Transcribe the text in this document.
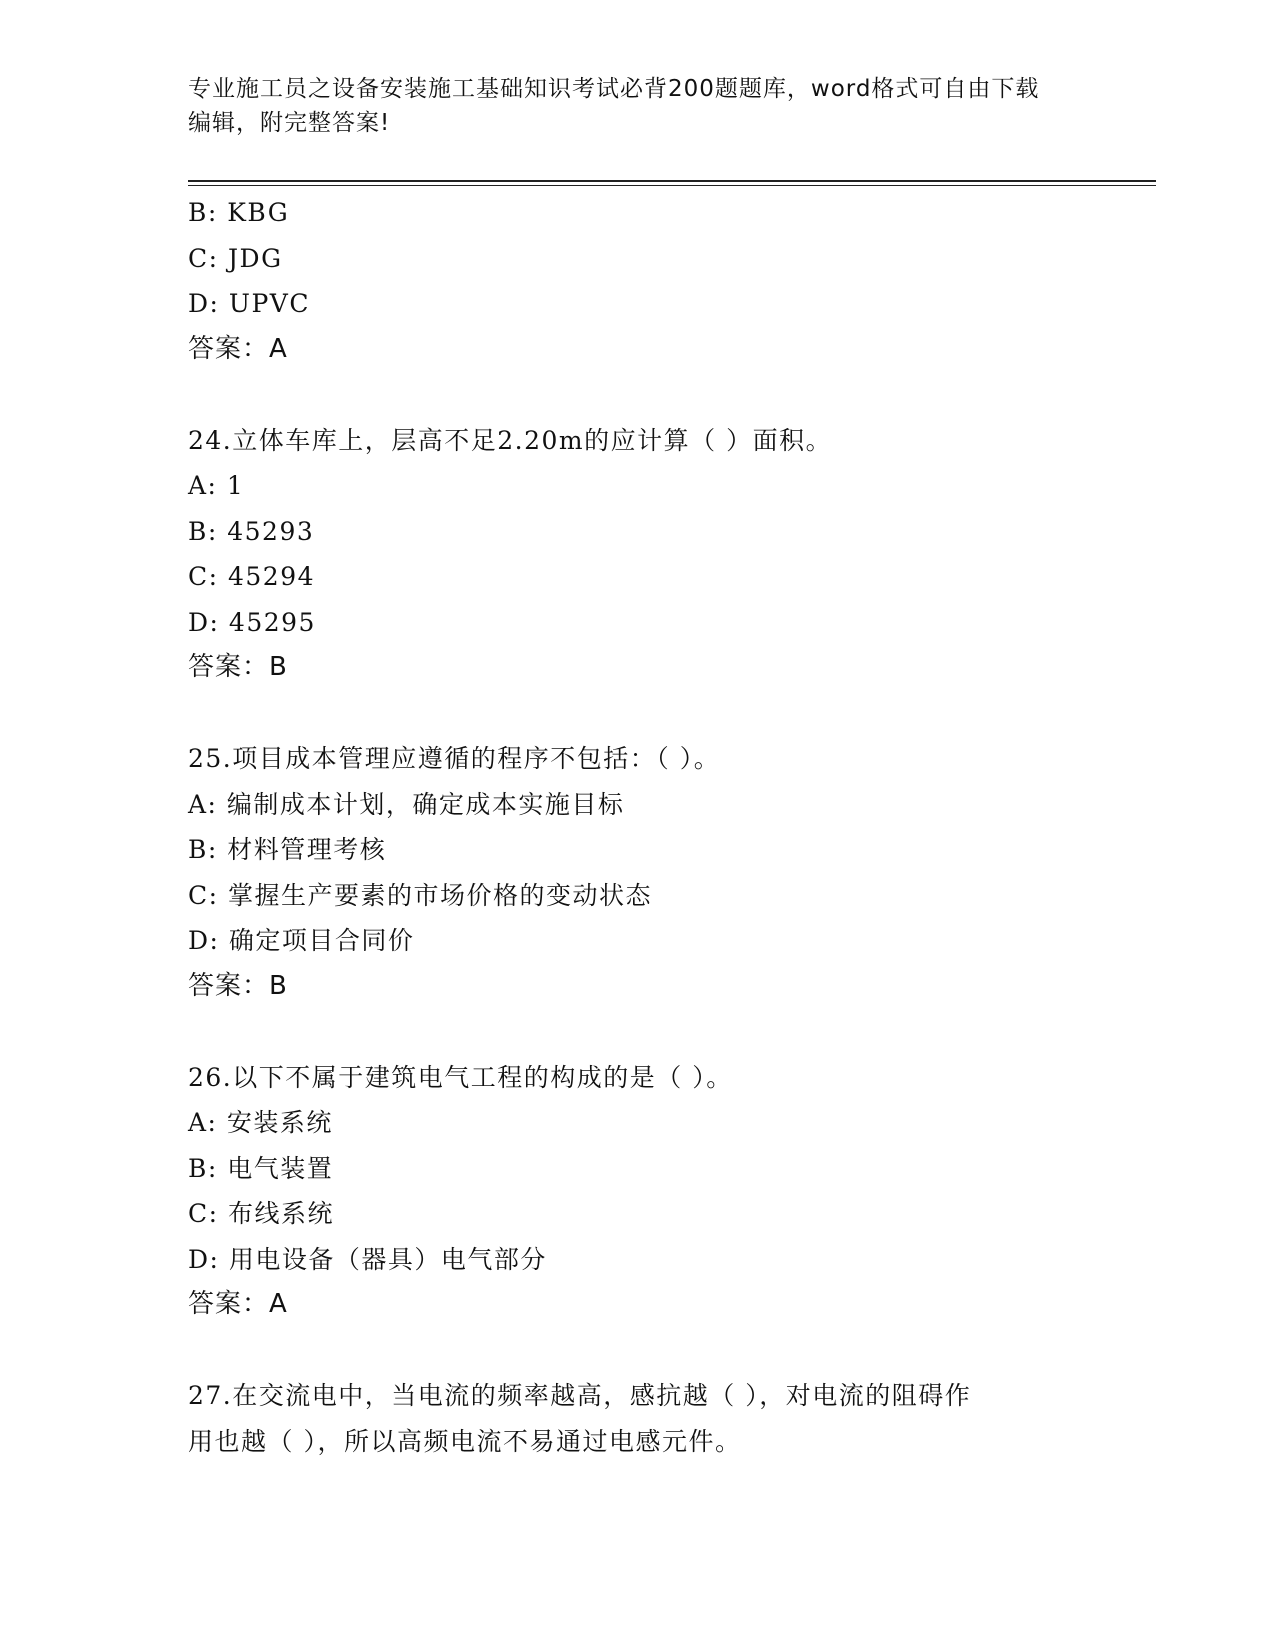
专业施工员之设备安装施工基础知识考试必背200题题库，word格式可自由下载
编辑，附完整答案!
B: KBG
C: JDG
D: UPVC
答案：A
24.立体车库上，层高不足2.20m的应计算（ ）面积。
A: 1
B: 45293
C: 45294
D: 45295
答案：B
25.项目成本管理应遵循的程序不包括：（ ）。
A: 编制成本计划，确定成本实施目标
B: 材料管理考核
C: 掌握生产要素的市场价格的变动状态
D: 确定项目合同价
答案：B
26.以下不属于建筑电气工程的构成的是（ ）。
A: 安装系统
B: 电气装置
C: 布线系统
D: 用电设备（器具）电气部分
答案：A
27.在交流电中，当电流的频率越高，感抗越（ ），对电流的阻碍作
用也越（ ），所以高频电流不易通过电感元件。
